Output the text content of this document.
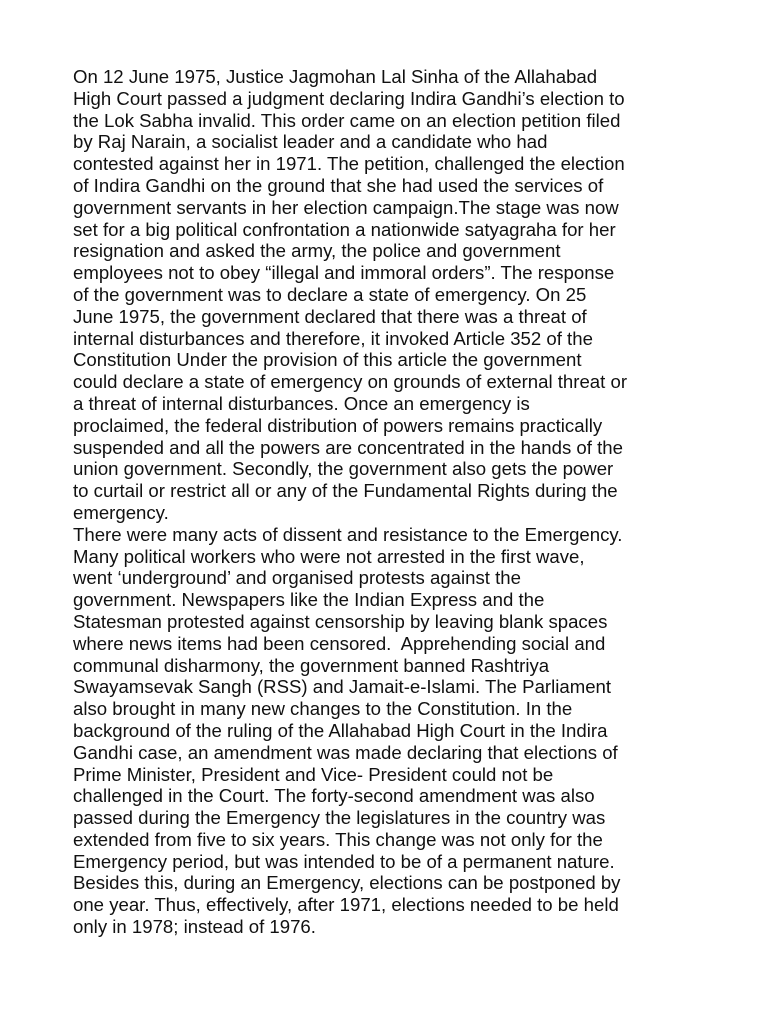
On 12 June 1975, Justice Jagmohan Lal Sinha of the Allahabad
High Court passed a judgment declaring Indira Gandhi’s election to
the Lok Sabha invalid. This order came on an election petition filed
by Raj Narain, a socialist leader and a candidate who had
contested against her in 1971. The petition, challenged the election
of Indira Gandhi on the ground that she had used the services of
government servants in her election campaign.The stage was now
set for a big political confrontation a nationwide satyagraha for her
resignation and asked the army, the police and government
employees not to obey “illegal and immoral orders”. The response
of the government was to declare a state of emergency. On 25
June 1975, the government declared that there was a threat of
internal disturbances and therefore, it invoked Article 352 of the
Constitution Under the provision of this article the government
could declare a state of emergency on grounds of external threat or
a threat of internal disturbances. Once an emergency is
proclaimed, the federal distribution of powers remains practically
suspended and all the powers are concentrated in the hands of the
union government. Secondly, the government also gets the power
to curtail or restrict all or any of the Fundamental Rights during the
emergency.
There were many acts of dissent and resistance to the Emergency.
Many political workers who were not arrested in the first wave,
went ‘underground’ and organised protests against the
government. Newspapers like the Indian Express and the
Statesman protested against censorship by leaving blank spaces
where news items had been censored.  Apprehending social and
communal disharmony, the government banned Rashtriya
Swayamsevak Sangh (RSS) and Jamait-e-Islami. The Parliament
also brought in many new changes to the Constitution. In the
background of the ruling of the Allahabad High Court in the Indira
Gandhi case, an amendment was made declaring that elections of
Prime Minister, President and Vice- President could not be
challenged in the Court. The forty-second amendment was also
passed during the Emergency the legislatures in the country was
extended from five to six years. This change was not only for the
Emergency period, but was intended to be of a permanent nature.
Besides this, during an Emergency, elections can be postponed by
one year. Thus, effectively, after 1971, elections needed to be held
only in 1978; instead of 1976.
